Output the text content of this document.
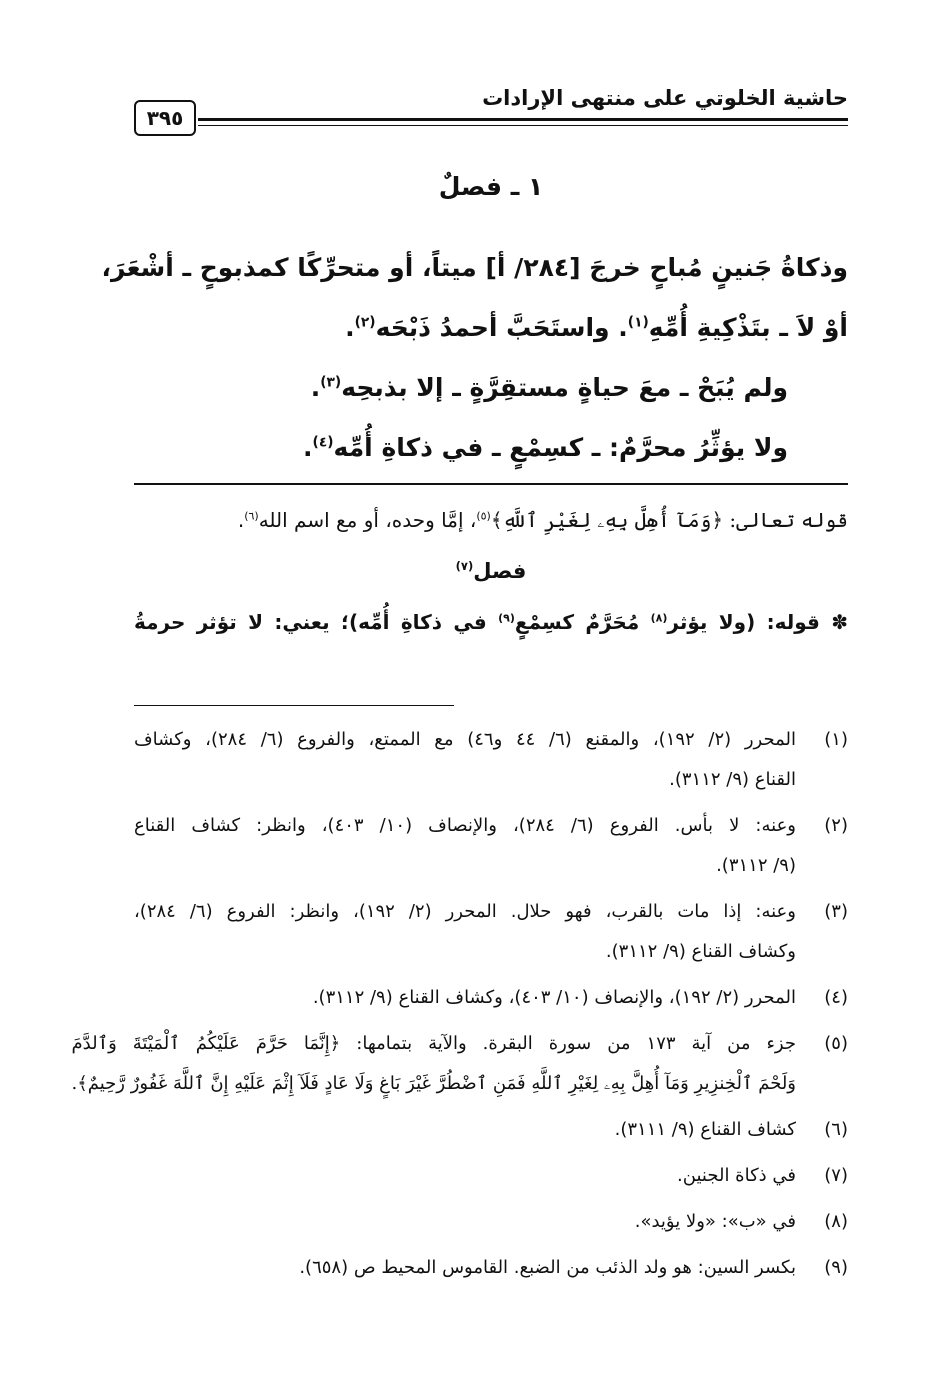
حاشية الخلوتي على منتهى الإرادات
٣٩٥
١ ـ فصلٌ

وذكاةُ جَنينٍ مُباحٍ خرجَ [٢٨٤/ أ] ميتاً، أو متحرِّكًا كمذبوحٍ ـ أشْعَرَ،

أوْ لاَ ـ بتَذْكِيةِ أُمِّهِ$^{(١)}$. واستَحَبَّ أحمدُ ذَبْحَه$^{(٢)}$.

ولم يُبَحْ ـ معَ حياةٍ مستقِرَّةٍ ـ إلا بذبحِه$^{(٣)}$.

ولا يؤثِّرُ محرَّمٌ: ـ كسِمْعٍ ـ في ذكاةِ أُمِّه$^{(٤)}$.

قوله تعالى: ﴿وَمَآ أُهِلَّ بِهِۦ لِغَيْرِ ٱللَّهِ﴾$^{(٥)}$، إمَّا وحده، أو مع اسم الله$^{(٦)}$.

فصل$^{(٧)}$

✽ قوله: (ولا يؤثر$^{(٨)}$ مُحَرَّمٌ كسِمْعٍ$^{(٩)}$ في ذكاةِ أُمِّه)؛ يعني: لا تؤثر حرمةُ

(١)
المحرر (٢/ ١٩٢)، والمقنع (٦/ ٤٤ و٤٦) مع الممتع، والفروع (٦/ ٢٨٤)، وكشاف
القناع (٩/ ٣١١٢).
(٢)
وعنه: لا بأس. الفروع (٦/ ٢٨٤)، والإنصاف (١٠/ ٤٠٣)، وانظر: كشاف القناع
(٩/ ٣١١٢).
(٣)
وعنه: إذا مات بالقرب، فهو حلال. المحرر (٢/ ١٩٢)، وانظر: الفروع (٦/ ٢٨٤)،
وكشاف القناع (٩/ ٣١١٢).
(٤)
المحرر (٢/ ١٩٢)، والإنصاف (١٠/ ٤٠٣)، وكشاف القناع (٩/ ٣١١٢).
(٥)
جزء من آية ١٧٣ من سورة البقرة. والآية بتمامها: ﴿إِنَّمَا حَرَّمَ عَلَيْكُمُ ٱلْمَيْتَةَ وَٱلدَّمَ
وَلَحْمَ ٱلْخِنزِيرِ وَمَآ أُهِلَّ بِهِۦ لِغَيْرِ ٱللَّهِ فَمَنِ ٱضْطُرَّ غَيْرَ بَاغٍ وَلَا عَادٍ فَلَآ إِثْمَ عَلَيْهِ إِنَّ ٱللَّهَ غَفُورٌ رَّحِيمٌ﴾.
(٦)
كشاف القناع (٩/ ٣١١١).
(٧)
في ذكاة الجنين.
(٨)
في «ب»: «ولا يؤيد».
(٩)
بكسر السين: هو ولد الذئب من الضبع. القاموس المحيط ص (٦٥٨).
